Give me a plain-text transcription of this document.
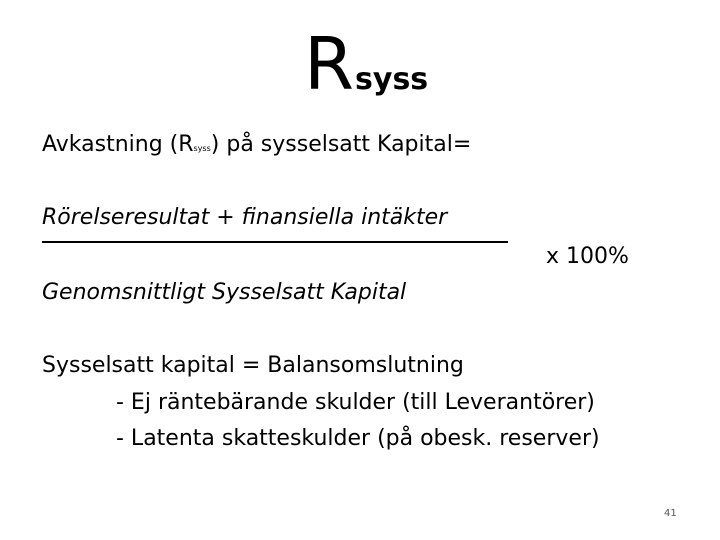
Rsyss
Avkastning (Rsyss) på sysselsatt Kapital=
Rörelseresultat + finansiella intäkter
x 100%
Genomsnittligt Sysselsatt Kapital
Sysselsatt kapital = Balansomslutning
- Ej räntebärande skulder (till Leverantörer)
- Latenta skatteskulder (på obesk. reserver)
41
